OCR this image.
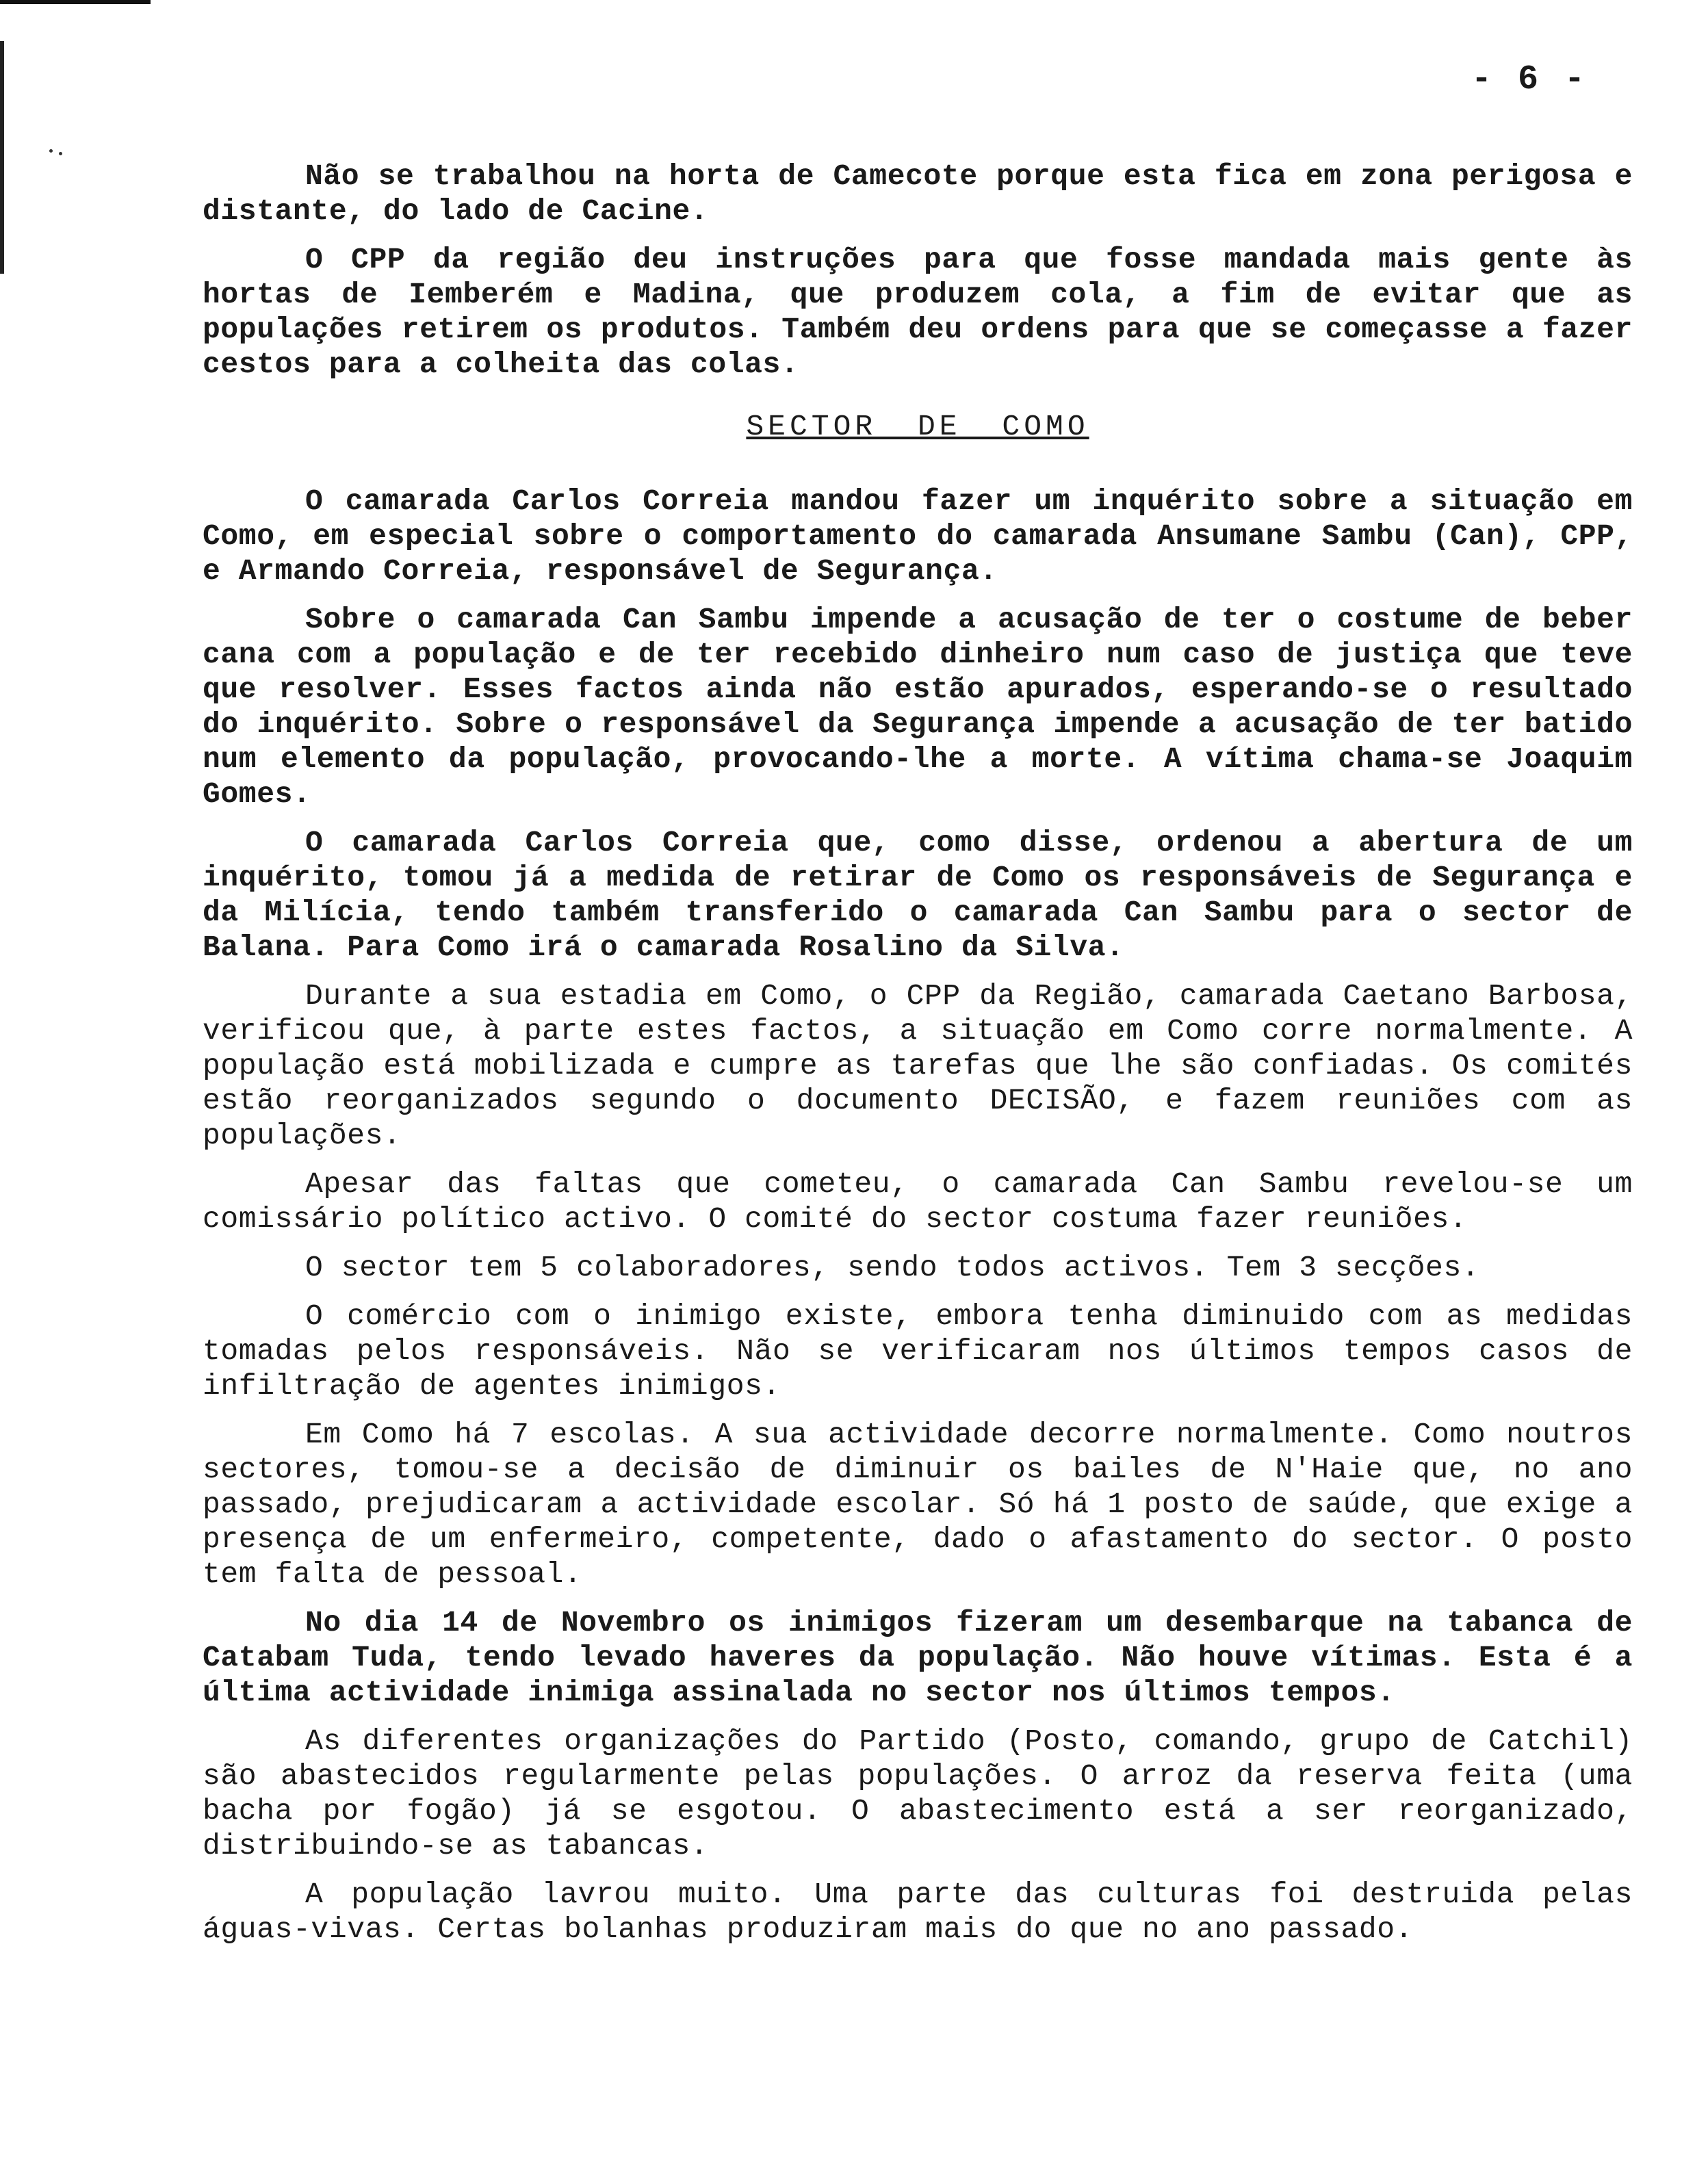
- 6 -

Não se trabalhou na horta de Camecote porque esta fica em zona perigosa e distante, do lado de Cacine.

O CPP da região deu instruções para que fosse mandada mais gente às hortas de Iemberém e Madina, que produzem cola, a fim de evitar que as populações retirem os produtos. Também deu ordens para que se começasse a fazer cestos para a colheita das colas.

SECTOR DE COMO

O camarada Carlos Correia mandou fazer um inquérito sobre a situação em Como, em especial sobre o comportamento do camarada Ansumane Sambu (Can), CPP, e Armando Correia, responsável de Segurança.

Sobre o camarada Can Sambu impende a acusação de ter o costume de beber cana com a população e de ter recebido dinheiro num caso de justiça que teve que resolver. Esses factos ainda não estão apurados, esperando-se o resultado do inquérito. Sobre o responsável da Segurança impende a acusação de ter batido num elemento da população, provocando-lhe a morte. A vítima chama-se Joaquim Gomes.

O camarada Carlos Correia que, como disse, ordenou a abertura de um inquérito, tomou já a medida de retirar de Como os responsáveis de Segurança e da Milícia, tendo também transferido o camarada Can Sambu para o sector de Balana. Para Como irá o camarada Rosalino da Silva.

Durante a sua estadia em Como, o CPP da Região, camarada Caetano Barbosa, verificou que, à parte estes factos, a situação em Como corre normalmente. A população está mobilizada e cumpre as tarefas que lhe são confiadas. Os comités estão reorganizados segundo o documento DECISÃO, e fazem reuniões com as populações.

Apesar das faltas que cometeu, o camarada Can Sambu revelou-se um comissário político activo. O comité do sector costuma fazer reuniões.

O sector tem 5 colaboradores, sendo todos activos. Tem 3 secções.

O comércio com o inimigo existe, embora tenha diminuido com as medidas tomadas pelos responsáveis. Não se verificaram nos últimos tempos casos de infiltração de agentes inimigos.

Em Como há 7 escolas. A sua actividade decorre normalmente. Como noutros sectores, tomou-se a decisão de diminuir os bailes de N'Haie que, no ano passado, prejudicaram a actividade escolar. Só há 1 posto de saúde, que exige a presença de um enfermeiro, competente, dado o afastamento do sector. O posto tem falta de pessoal.

No dia 14 de Novembro os inimigos fizeram um desembarque na tabanca de Catabam Tuda, tendo levado haveres da população. Não houve vítimas. Esta é a última actividade inimiga assinalada no sector nos últimos tempos.

As diferentes organizações do Partido (Posto, comando, grupo de Catchil) são abastecidos regularmente pelas populações. O arroz da reserva feita (uma bacha por fogão) já se esgotou. O abastecimento está a ser reorganizado, distribuindo-se as tabancas.

A população lavrou muito. Uma parte das culturas foi destruida pelas águas-vivas. Certas bolanhas produziram mais do que no ano passado.
